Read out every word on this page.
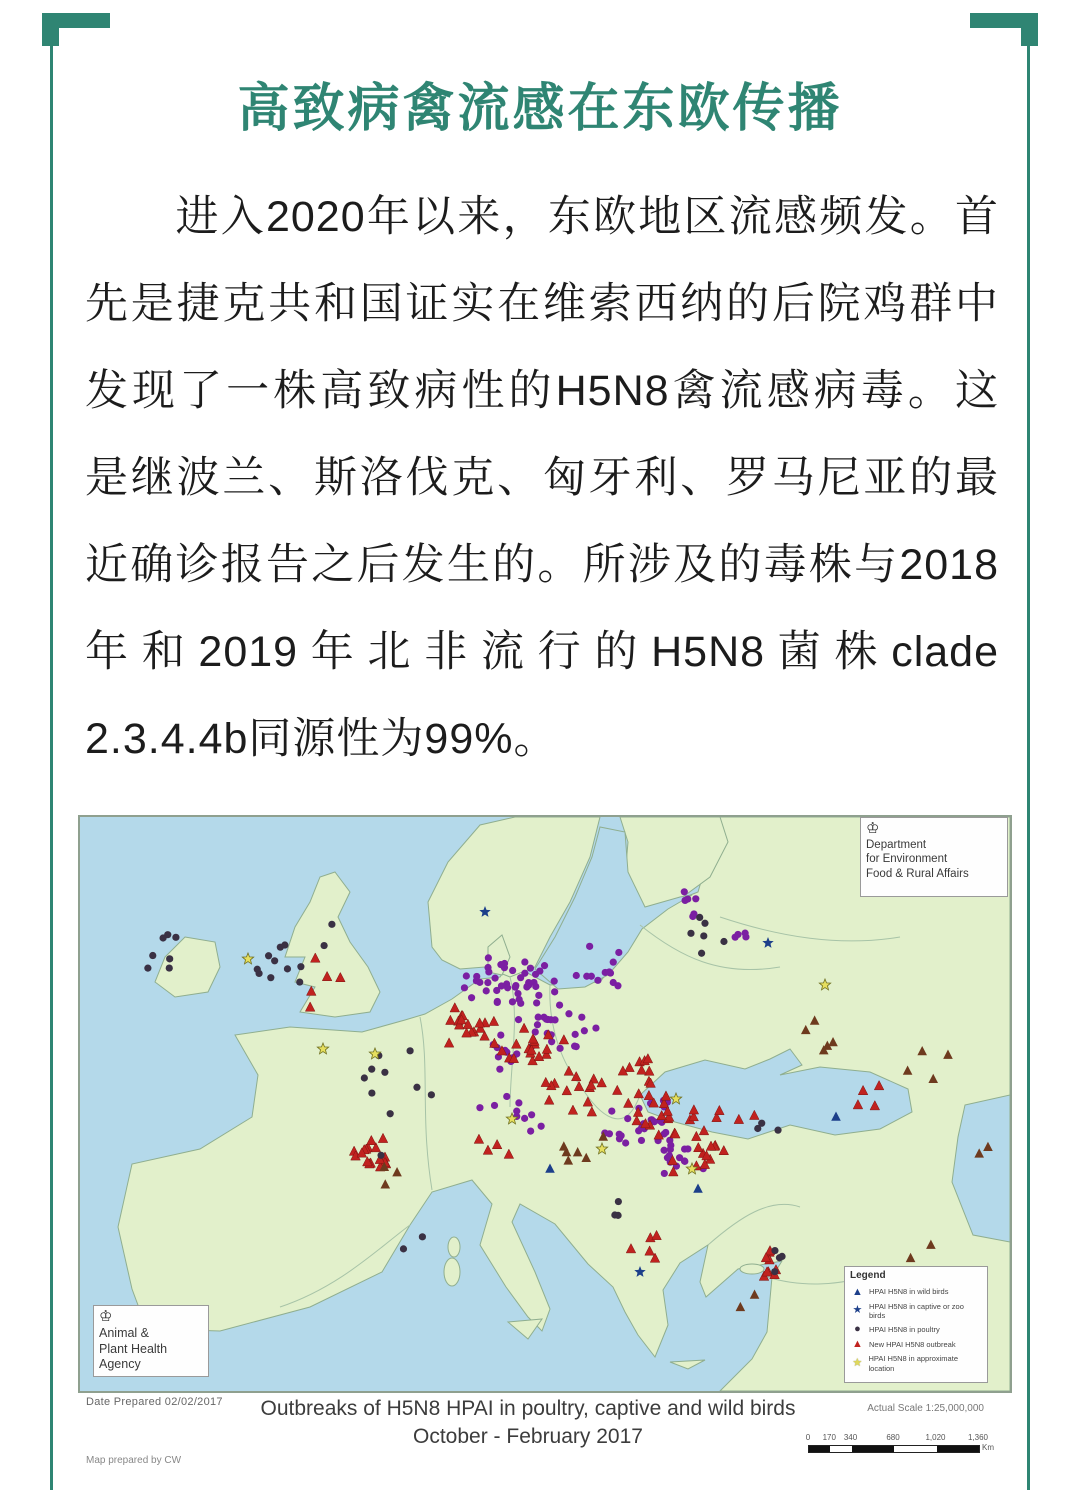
高致病禽流感在东欧传播
　　进入2020年以来，东欧地区流感频发。首
先是捷克共和国证实在维索西纳的后院鸡群中
发现了一株高致病性的H5N8禽流感病毒。这
是继波兰、斯洛伐克、匈牙利、罗马尼亚的最
近确诊报告之后发生的。所涉及的毒株与2018
年和2019年北非流行的H5N8菌株clade
2.3.4.4b同源性为99%。
♔
Department
for Environment
Food & Rural Affairs
♔
Animal &
Plant Health
Agency
Legend
▲ HPAI H5N8 in wild birds
★ HPAI H5N8 in captive or zoo birds
●	HPAI H5N8 in poultry
▲ New HPAI H5N8 outbreak
★ HPAI H5N8 in approximate location
Date Prepared 02/02/2017	Outbreaks of H5N8 HPAI in poultry, captive and wild birds
October - February 2017
Actual Scale 1:25,000,000
0 170 340	680	1,020	1,360
Km
Map prepared by CW
